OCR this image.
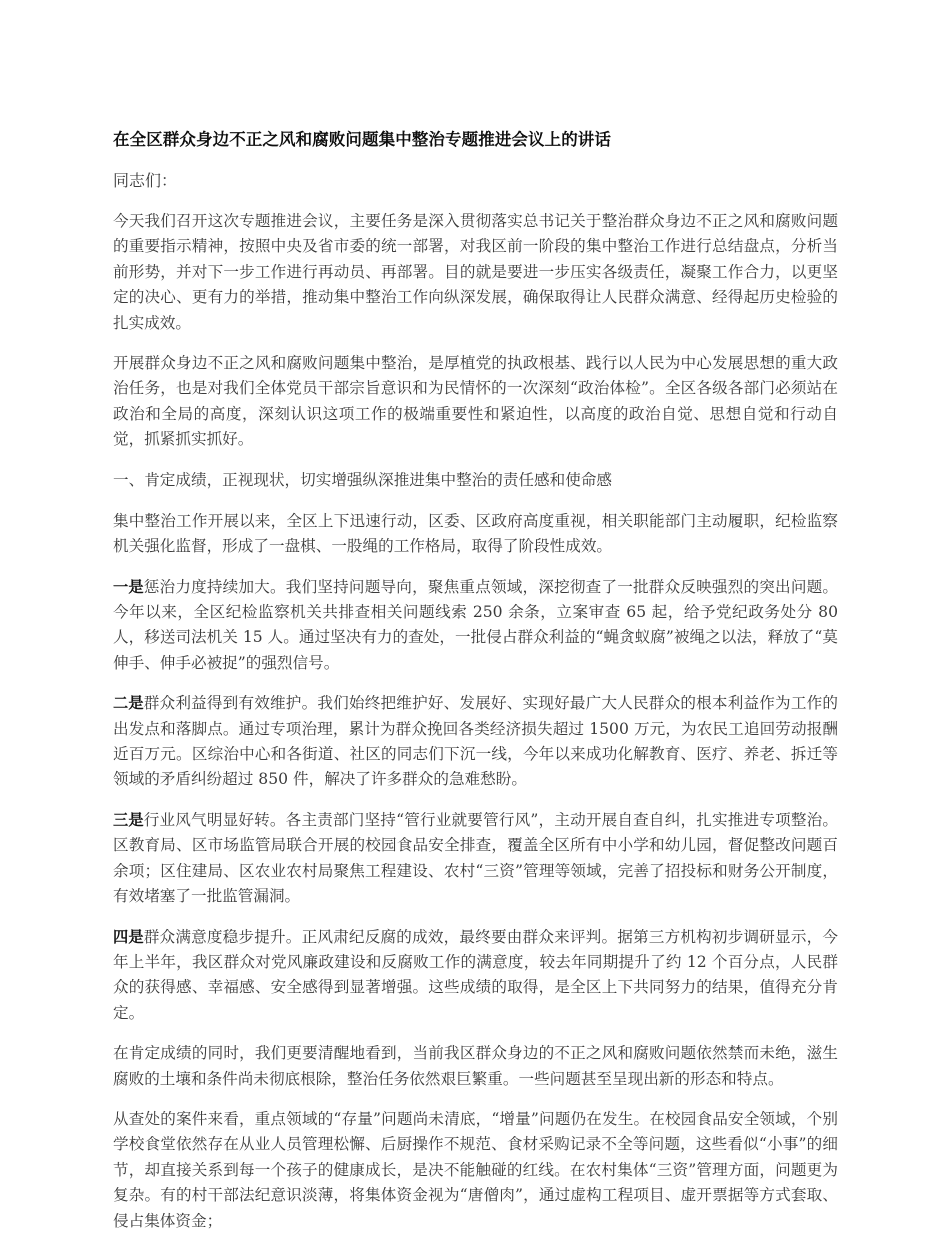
在全区群众身边不正之风和腐败问题集中整治专题推进会议上的讲话

同志们：

今天我们召开这次专题推进会议，主要任务是深入贯彻落实总书记关于整治群众身边不正之风和腐败问题的重要指示精神，按照中央及省市委的统一部署，对我区前一阶段的集中整治工作进行总结盘点，分析当前形势，并对下一步工作进行再动员、再部署。目的就是要进一步压实各级责任，凝聚工作合力，以更坚定的决心、更有力的举措，推动集中整治工作向纵深发展，确保取得让人民群众满意、经得起历史检验的扎实成效。

开展群众身边不正之风和腐败问题集中整治，是厚植党的执政根基、践行以人民为中心发展思想的重大政治任务，也是对我们全体党员干部宗旨意识和为民情怀的一次深刻“政治体检”。全区各级各部门必须站在政治和全局的高度，深刻认识这项工作的极端重要性和紧迫性，以高度的政治自觉、思想自觉和行动自觉，抓紧抓实抓好。

一、肯定成绩，正视现状，切实增强纵深推进集中整治的责任感和使命感

集中整治工作开展以来，全区上下迅速行动，区委、区政府高度重视，相关职能部门主动履职，纪检监察机关强化监督，形成了一盘棋、一股绳的工作格局，取得了阶段性成效。

一是惩治力度持续加大。我们坚持问题导向，聚焦重点领域，深挖彻查了一批群众反映强烈的突出问题。今年以来，全区纪检监察机关共排查相关问题线索 250 余条，立案审查 65 起，给予党纪政务处分 80 人，移送司法机关 15 人。通过坚决有力的查处，一批侵占群众利益的“蝇贪蚁腐”被绳之以法，释放了“莫伸手、伸手必被捉”的强烈信号。

二是群众利益得到有效维护。我们始终把维护好、发展好、实现好最广大人民群众的根本利益作为工作的出发点和落脚点。通过专项治理，累计为群众挽回各类经济损失超过 1500 万元，为农民工追回劳动报酬近百万元。区综治中心和各街道、社区的同志们下沉一线，今年以来成功化解教育、医疗、养老、拆迁等领域的矛盾纠纷超过 850 件，解决了许多群众的急难愁盼。

三是行业风气明显好转。各主责部门坚持“管行业就要管行风”，主动开展自查自纠，扎实推进专项整治。区教育局、区市场监管局联合开展的校园食品安全排查，覆盖全区所有中小学和幼儿园，督促整改问题百余项；区住建局、区农业农村局聚焦工程建设、农村“三资”管理等领域，完善了招投标和财务公开制度，有效堵塞了一批监管漏洞。

四是群众满意度稳步提升。正风肃纪反腐的成效，最终要由群众来评判。据第三方机构初步调研显示，今年上半年，我区群众对党风廉政建设和反腐败工作的满意度，较去年同期提升了约 12 个百分点，人民群众的获得感、幸福感、安全感得到显著增强。这些成绩的取得，是全区上下共同努力的结果，值得充分肯定。

在肯定成绩的同时，我们更要清醒地看到，当前我区群众身边的不正之风和腐败问题依然禁而未绝，滋生腐败的土壤和条件尚未彻底根除，整治任务依然艰巨繁重。一些问题甚至呈现出新的形态和特点。

从查处的案件来看，重点领域的“存量”问题尚未清底，“增量”问题仍在发生。在校园食品安全领域，个别学校食堂依然存在从业人员管理松懈、后厨操作不规范、食材采购记录不全等问题，这些看似“小事”的细节，却直接关系到每一个孩子的健康成长，是决不能触碰的红线。在农村集体“三资”管理方面，问题更为复杂。有的村干部法纪意识淡薄，将集体资金视为“唐僧肉”，通过虚构工程项目、虚开票据等方式套取、侵占集体资金；
